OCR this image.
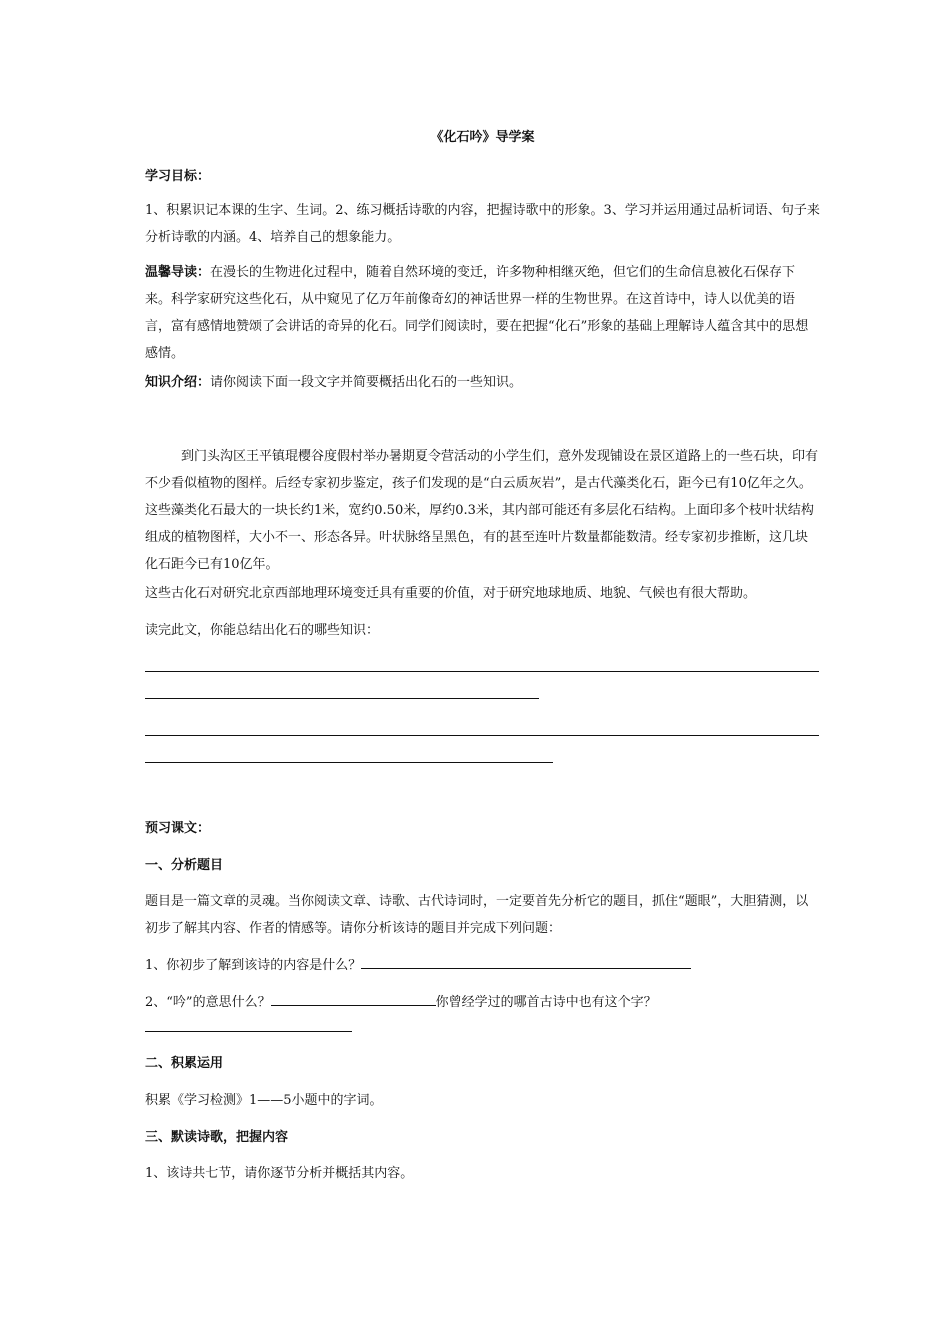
《化石吟》导学案
学习目标：
1、积累识记本课的生字、生词。2、练习概括诗歌的内容，把握诗歌中的形象。3、学习并运用通过品析词语、句子来分析诗歌的内涵。4、培养自己的想象能力。
温馨导读：在漫长的生物进化过程中，随着自然环境的变迁，许多物种相继灭绝，但它们的生命信息被化石保存下来。科学家研究这些化石，从中窥见了亿万年前像奇幻的神话世界一样的生物世界。在这首诗中，诗人以优美的语言，富有感情地赞颂了会讲话的奇异的化石。同学们阅读时，要在把握“化石”形象的基础上理解诗人蕴含其中的思想感情。
知识介绍：请你阅读下面一段文字并简要概括出化石的一些知识。
到门头沟区王平镇琨樱谷度假村举办暑期夏令营活动的小学生们，意外发现铺设在景区道路上的一些石块，印有不少看似植物的图样。后经专家初步鉴定，孩子们发现的是“白云质灰岩”，是古代藻类化石，距今已有10亿年之久。这些藻类化石最大的一块长约1米，宽约0.50米，厚约0.3米，其内部可能还有多层化石结构。上面印多个枝叶状结构组成的植物图样，大小不一、形态各异。叶状脉络呈黑色，有的甚至连叶片数量都能数清。经专家初步推断，这几块化石距今已有10亿年。
这些古化石对研究北京西部地理环境变迁具有重要的价值，对于研究地球地质、地貌、气候也有很大帮助。
读完此文，你能总结出化石的哪些知识：
预习课文：
一、分析题目
题目是一篇文章的灵魂。当你阅读文章、诗歌、古代诗词时，一定要首先分析它的题目，抓住“题眼”，大胆猜测，以初步了解其内容、作者的情感等。请你分析该诗的题目并完成下列问题：
1、你初步了解到该诗的内容是什么？
2、“吟”的意思什么？	你曾经学过的哪首古诗中也有这个字？
二、积累运用
积累《学习检测》1——5小题中的字词。
三、默读诗歌，把握内容
1、该诗共七节，请你逐节分析并概括其内容。
